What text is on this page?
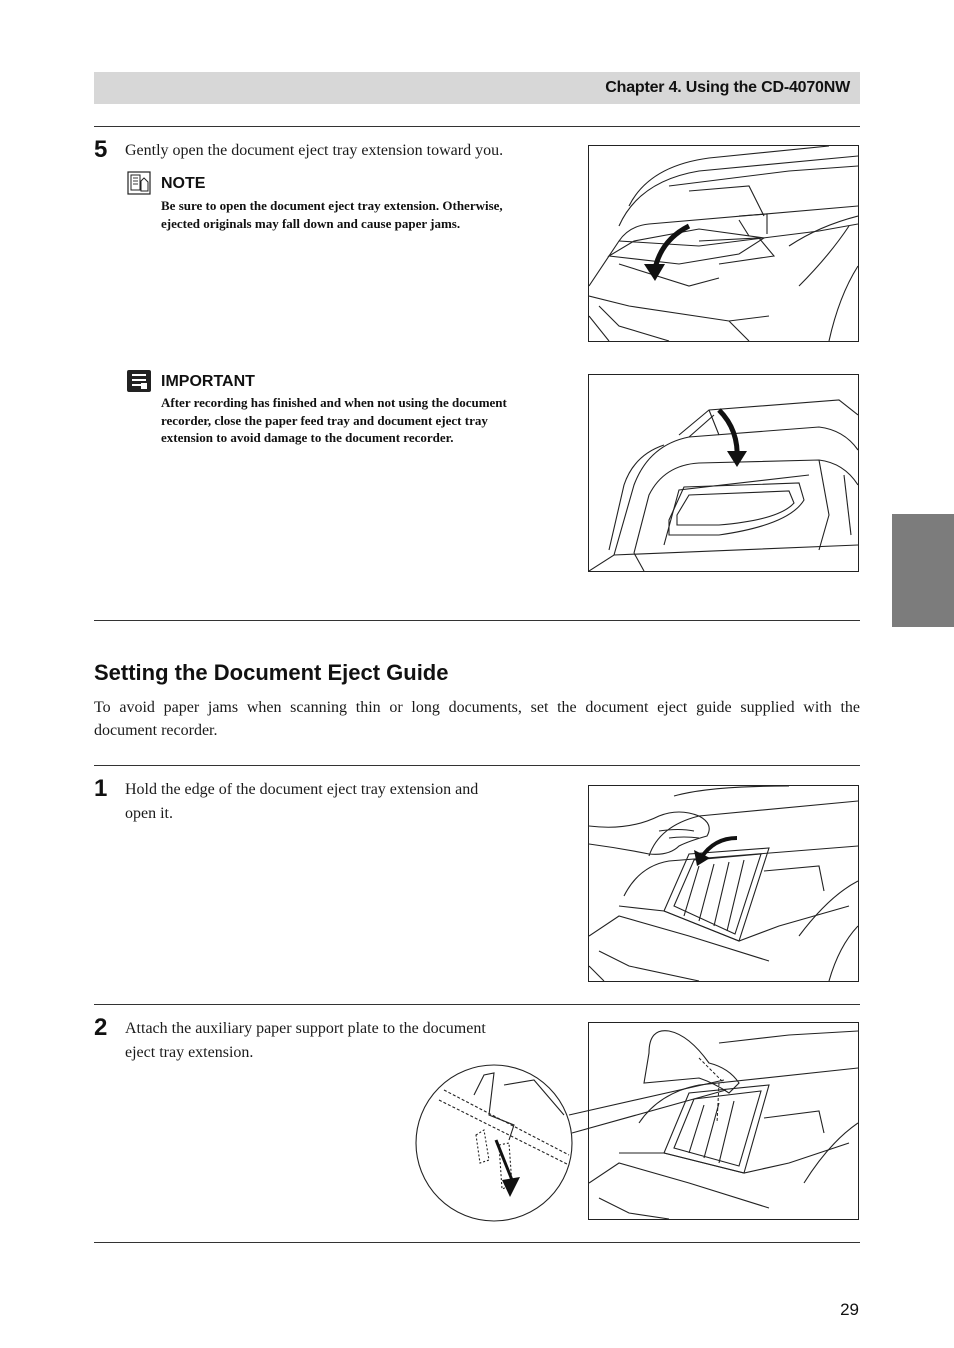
Chapter 4. Using the CD-4070NW
5 Gently open the document eject tray extension toward you.
NOTE
Be sure to open the document eject tray extension. Otherwise,
ejected originals may fall down and cause paper jams.
IMPORTANT
After recording has finished and when not using the document
recorder, close the paper feed tray and document eject tray
extension to avoid damage to the document recorder.
Setting the Document Eject Guide
To avoid paper jams when scanning thin or long documents, set the document eject guide supplied with the
document recorder.
1 Hold the edge of the document eject tray extension and
open it.
2 Attach the auxiliary paper support plate to the document
eject tray extension.
29
